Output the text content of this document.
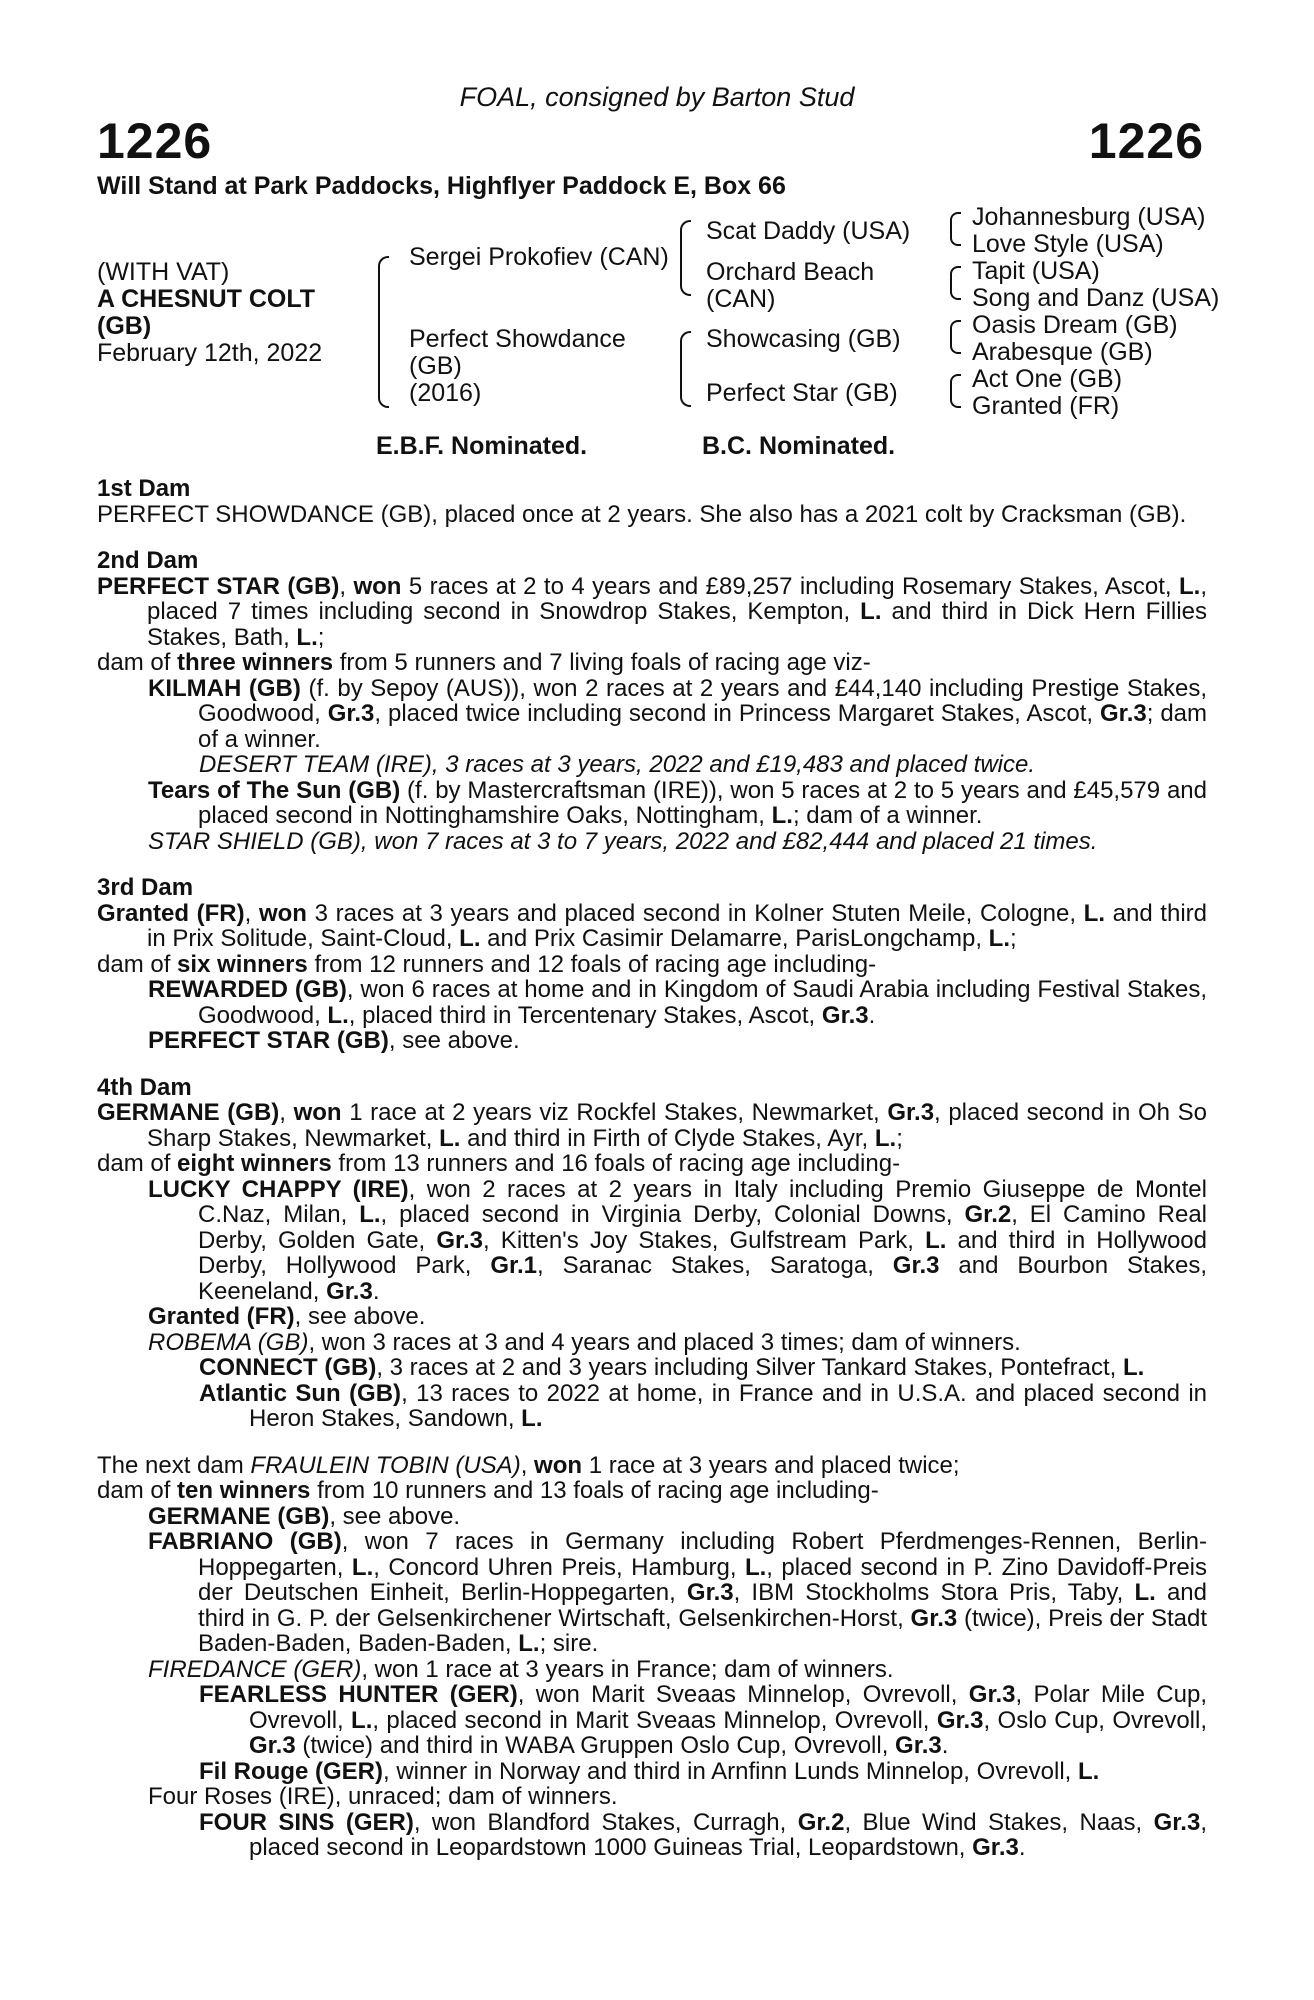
FOAL, consigned by Barton Stud
1226	1226
Will Stand at Park Paddocks, Highflyer Paddock E, Box 66
(WITH VAT)
A CHESNUT COLT
(GB)
February 12th, 2022
Sergei Prokofiev (CAN)
Perfect Showdance
(GB)
(2016)
Scat Daddy (USA)
Orchard Beach
(CAN)
Showcasing (GB)
Perfect Star (GB)
Johannesburg (USA)
Love Style (USA)
Tapit (USA)
Song and Danz (USA)
Oasis Dream (GB)
Arabesque (GB)
Act One (GB)
Granted (FR)
E.B.F. Nominated.	B.C. Nominated.

1st Dam

PERFECT SHOWDANCE (GB), placed once at 2 years. She also has a 2021 colt by Cracksman (GB).

2nd Dam

PERFECT STAR (GB), won 5 races at 2 to 4 years and £89,257 including Rosemary Stakes, Ascot, L., placed 7 times including second in Snowdrop Stakes, Kempton, L. and third in Dick Hern Fillies Stakes, Bath, L.;

dam of three winners from 5 runners and 7 living foals of racing age viz-

KILMAH (GB) (f. by Sepoy (AUS)), won 2 races at 2 years and £44,140 including Prestige Stakes, Goodwood, Gr.3, placed twice including second in Princess Margaret Stakes, Ascot, Gr.3; dam of a winner.

DESERT TEAM (IRE), 3 races at 3 years, 2022 and £19,483 and placed twice.

Tears of The Sun (GB) (f. by Mastercraftsman (IRE)), won 5 races at 2 to 5 years and £45,579 and placed second in Nottinghamshire Oaks, Nottingham, L.; dam of a winner.

STAR SHIELD (GB), won 7 races at 3 to 7 years, 2022 and £82,444 and placed 21 times.

3rd Dam

Granted (FR), won 3 races at 3 years and placed second in Kolner Stuten Meile, Cologne, L. and third in Prix Solitude, Saint-Cloud, L. and Prix Casimir Delamarre, ParisLongchamp, L.;

dam of six winners from 12 runners and 12 foals of racing age including-

REWARDED (GB), won 6 races at home and in Kingdom of Saudi Arabia including Festival Stakes, Goodwood, L., placed third in Tercentenary Stakes, Ascot, Gr.3.

PERFECT STAR (GB), see above.

4th Dam

GERMANE (GB), won 1 race at 2 years viz Rockfel Stakes, Newmarket, Gr.3, placed second in Oh So Sharp Stakes, Newmarket, L. and third in Firth of Clyde Stakes, Ayr, L.;

dam of eight winners from 13 runners and 16 foals of racing age including-

LUCKY CHAPPY (IRE), won 2 races at 2 years in Italy including Premio Giuseppe de Montel C.Naz, Milan, L., placed second in Virginia Derby, Colonial Downs, Gr.2, El Camino Real Derby, Golden Gate, Gr.3, Kitten's Joy Stakes, Gulfstream Park, L. and third in Hollywood Derby, Hollywood Park, Gr.1, Saranac Stakes, Saratoga, Gr.3 and Bourbon Stakes, Keeneland, Gr.3.

Granted (FR), see above.

ROBEMA (GB), won 3 races at 3 and 4 years and placed 3 times; dam of winners.

CONNECT (GB), 3 races at 2 and 3 years including Silver Tankard Stakes, Pontefract, L.

Atlantic Sun (GB), 13 races to 2022 at home, in France and in U.S.A. and placed second in Heron Stakes, Sandown, L.

The next dam FRAULEIN TOBIN (USA), won 1 race at 3 years and placed twice;

dam of ten winners from 10 runners and 13 foals of racing age including-

GERMANE (GB), see above.

FABRIANO (GB), won 7 races in Germany including Robert Pferdmenges-Rennen, Berlin-Hoppegarten, L., Concord Uhren Preis, Hamburg, L., placed second in P. Zino Davidoff-Preis der Deutschen Einheit, Berlin-Hoppegarten, Gr.3, IBM Stockholms Stora Pris, Taby, L. and third in G. P. der Gelsenkirchener Wirtschaft, Gelsenkirchen-Horst, Gr.3 (twice), Preis der Stadt Baden-Baden, Baden-Baden, L.; sire.

FIREDANCE (GER), won 1 race at 3 years in France; dam of winners.

FEARLESS HUNTER (GER), won Marit Sveaas Minnelop, Ovrevoll, Gr.3, Polar Mile Cup, Ovrevoll, L., placed second in Marit Sveaas Minnelop, Ovrevoll, Gr.3, Oslo Cup, Ovrevoll, Gr.3 (twice) and third in WABA Gruppen Oslo Cup, Ovrevoll, Gr.3.

Fil Rouge (GER), winner in Norway and third in Arnfinn Lunds Minnelop, Ovrevoll, L.

Four Roses (IRE), unraced; dam of winners.

FOUR SINS (GER), won Blandford Stakes, Curragh, Gr.2, Blue Wind Stakes, Naas, Gr.3, placed second in Leopardstown 1000 Guineas Trial, Leopardstown, Gr.3.
